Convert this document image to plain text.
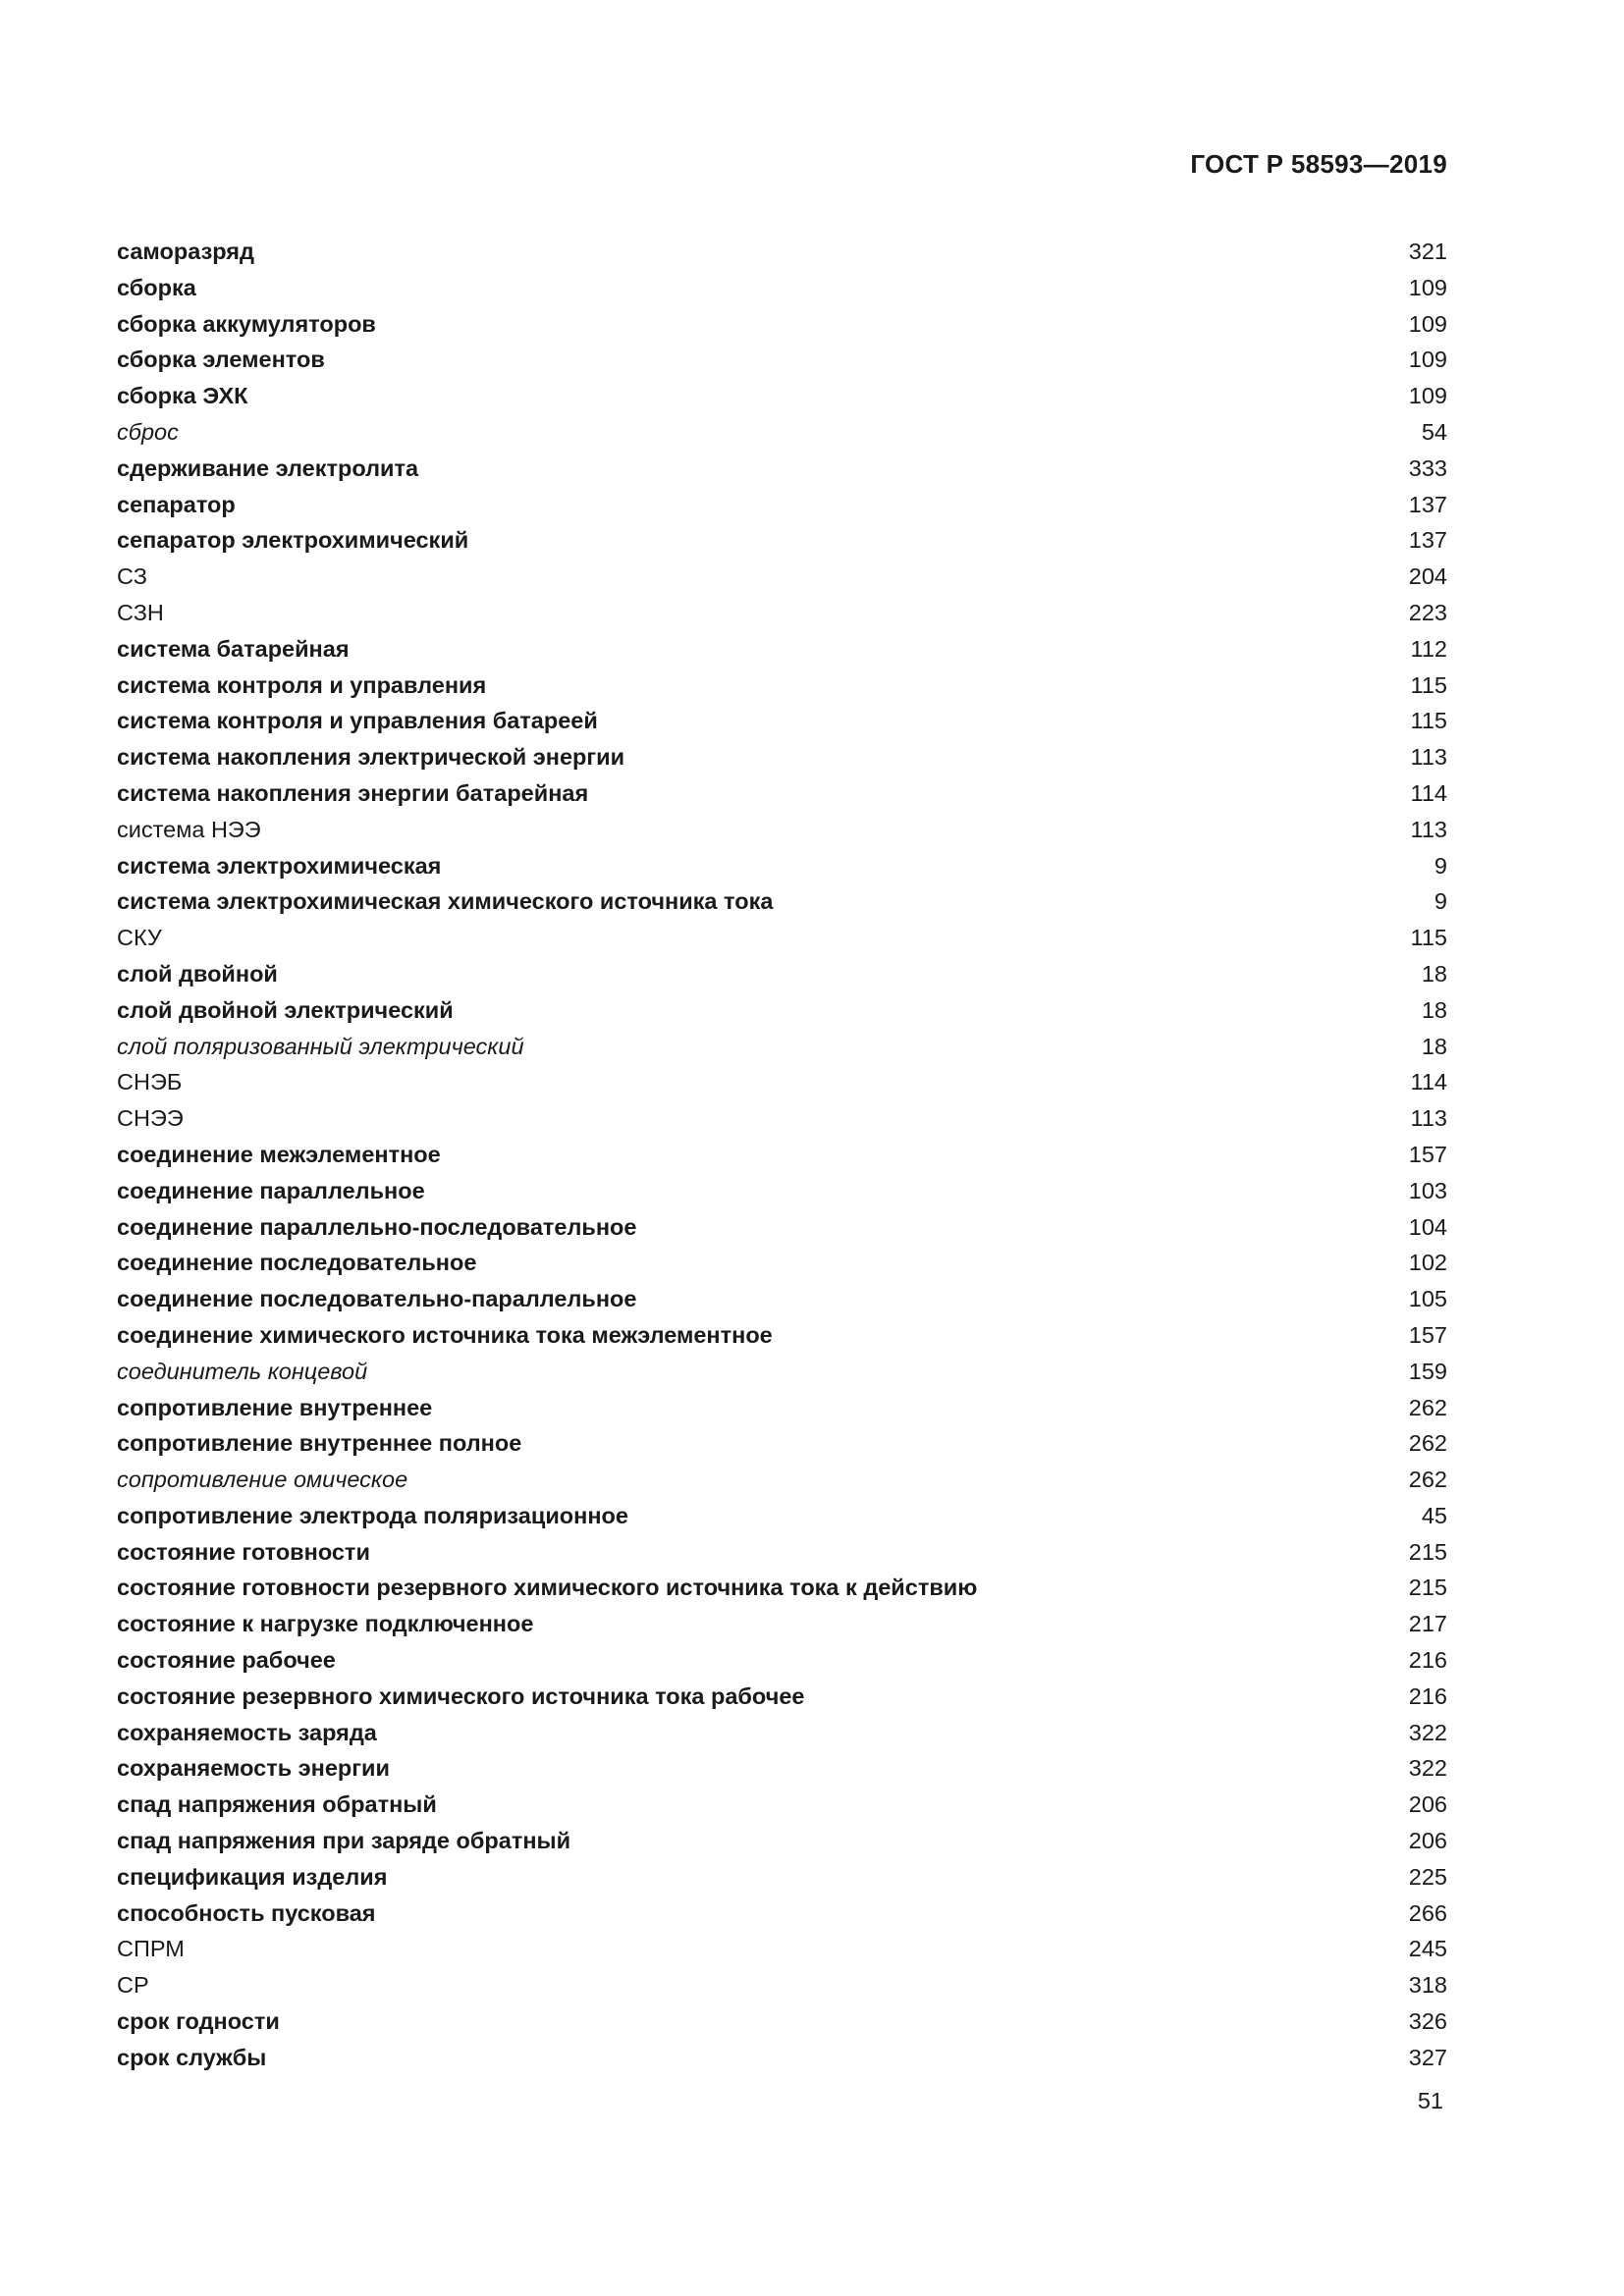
ГОСТ Р 58593—2019
саморазряд	321
сборка	109
сборка аккумуляторов	109
сборка элементов	109
сборка ЭХК	109
сброс	54
сдерживание электролита	333
сепаратор	137
сепаратор электрохимический	137
СЗ	204
СЗН	223
система батарейная	112
система контроля и управления	115
система контроля и управления батареей	115
система накопления электрической энергии	113
система накопления энергии батарейная	114
система НЭЭ	113
система электрохимическая	9
система электрохимическая химического источника тока	9
СКУ	115
слой двойной	18
слой двойной электрический	18
слой поляризованный электрический	18
СНЭБ	114
СНЭЭ	113
соединение межэлементное	157
соединение параллельное	103
соединение параллельно-последовательное	104
соединение последовательное	102
соединение последовательно-параллельное	105
соединение химического источника тока межэлементное	157
соединитель концевой	159
сопротивление внутреннее	262
сопротивление внутреннее полное	262
сопротивление омическое	262
сопротивление электрода поляризационное	45
состояние готовности	215
состояние готовности резервного химического источника тока к действию	215
состояние к нагрузке подключенное	217
состояние рабочее	216
состояние резервного химического источника тока рабочее	216
сохраняемость заряда	322
сохраняемость энергии	322
спад напряжения обратный	206
спад напряжения при заряде обратный	206
спецификация изделия	225
способность пусковая	266
СПРМ	245
СР	318
срок годности	326
срок службы	327
51
